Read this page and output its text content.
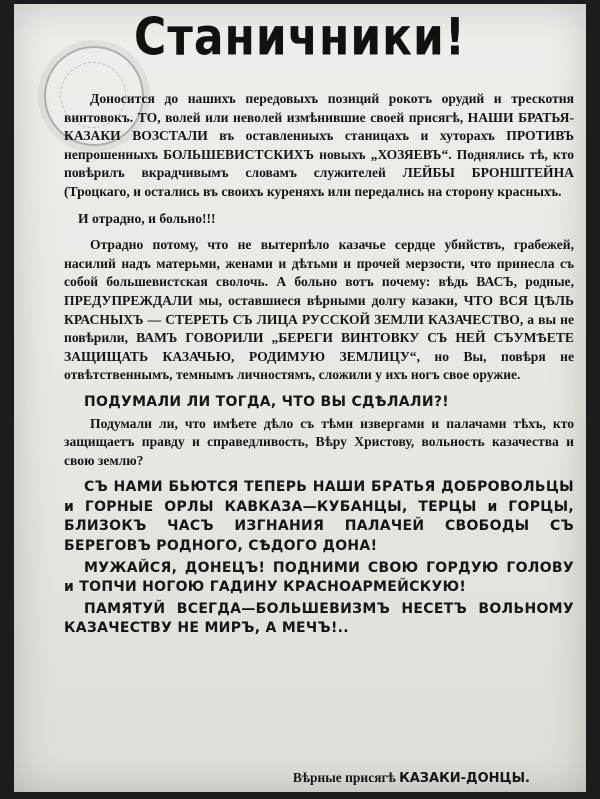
Станичники!

Доносится до нашихъ передовыхъ позиций рокотъ орудий и трескотня винтовокъ. ТО, волей или неволей измѣнившие своей присягѣ, НАШИ БРАТЬЯ-КАЗАКИ ВОЗСТАЛИ въ оставленныхъ станицахъ и хуторахъ ПРОТИВЪ непрошенныхъ БОЛЬШЕВИСТСКИХЪ новыхъ „ХОЗЯЕВЪ“. Поднялись тѣ, кто повѣрилъ вкрадчивымъ словамъ служителей ЛЕЙБЫ БРОНШТЕЙНА (Троцкаго, и остались въ своихъ куреняхъ или передались на сторону красныхъ.

И отрадно, и больно!!!

Отрадно потому, что не вытерпѣло казачье сердце убийствъ, грабежей, насилий надъ матерьми, женами и дѣтьми и прочей мерзости, что принесла съ собой большевистская сволочь. А больно вотъ почему: вѣдь ВАСЪ, родные, ПРЕДУПРЕЖДАЛИ мы, оставшиеся вѣрными долгу казаки, ЧТО ВСЯ ЦѢЛЬ КРАСНЫХЪ — СТЕРЕТЬ СЪ ЛИЦА РУССКОЙ ЗЕМЛИ КАЗАЧЕСТВО, а вы не повѣрили, ВАМЪ ГОВОРИЛИ „БЕРЕГИ ВИНТОВКУ СЪ НЕЙ СЪУМѢЕТЕ ЗАЩИЩАТЬ КАЗАЧЬЮ, РОДИМУЮ ЗЕМЛИЦУ“, но Вы, повѣря не отвѣтственнымъ, темнымъ личностямъ, сложили у ихъ ногъ свое оружие.

ПОДУМАЛИ ЛИ ТОГДА, ЧТО ВЫ СДѢЛАЛИ?!

Подумали ли, что имѣете дѣло съ тѣми извергами и палачами тѣхъ, кто защищаетъ правду и справедливость, Вѣру Христову, вольность казачества и свою землю?

СЪ НАМИ БЬЮТСЯ ТЕПЕРЬ НАШИ БРАТЬЯ ДОБРОВОЛЬЦЫ и ГОРНЫЕ ОРЛЫ КАВКАЗА—КУБАНЦЫ, ТЕРЦЫ и ГОРЦЫ, БЛИЗОКЪ ЧАСЪ ИЗГНАНИЯ ПАЛАЧЕЙ СВОБОДЫ СЪ БЕРЕГОВЪ РОДНОГО, СѢДОГО ДОНА!

МУЖАЙСЯ, ДОНЕЦЪ! ПОДНИМИ СВОЮ ГОРДУЮ ГОЛОВУ и ТОПЧИ НОГОЮ ГАДИНУ КРАСНОАРМЕЙСКУЮ!

ПАМЯТУЙ ВСЕГДА—БОЛЬШЕВИЗМЪ НЕСЕТЪ ВОЛЬНОМУ КАЗАЧЕСТВУ НЕ МИРЪ, А МЕЧЪ!..

Вѣрные присягѣ КАЗАКИ-ДОНЦЫ.
